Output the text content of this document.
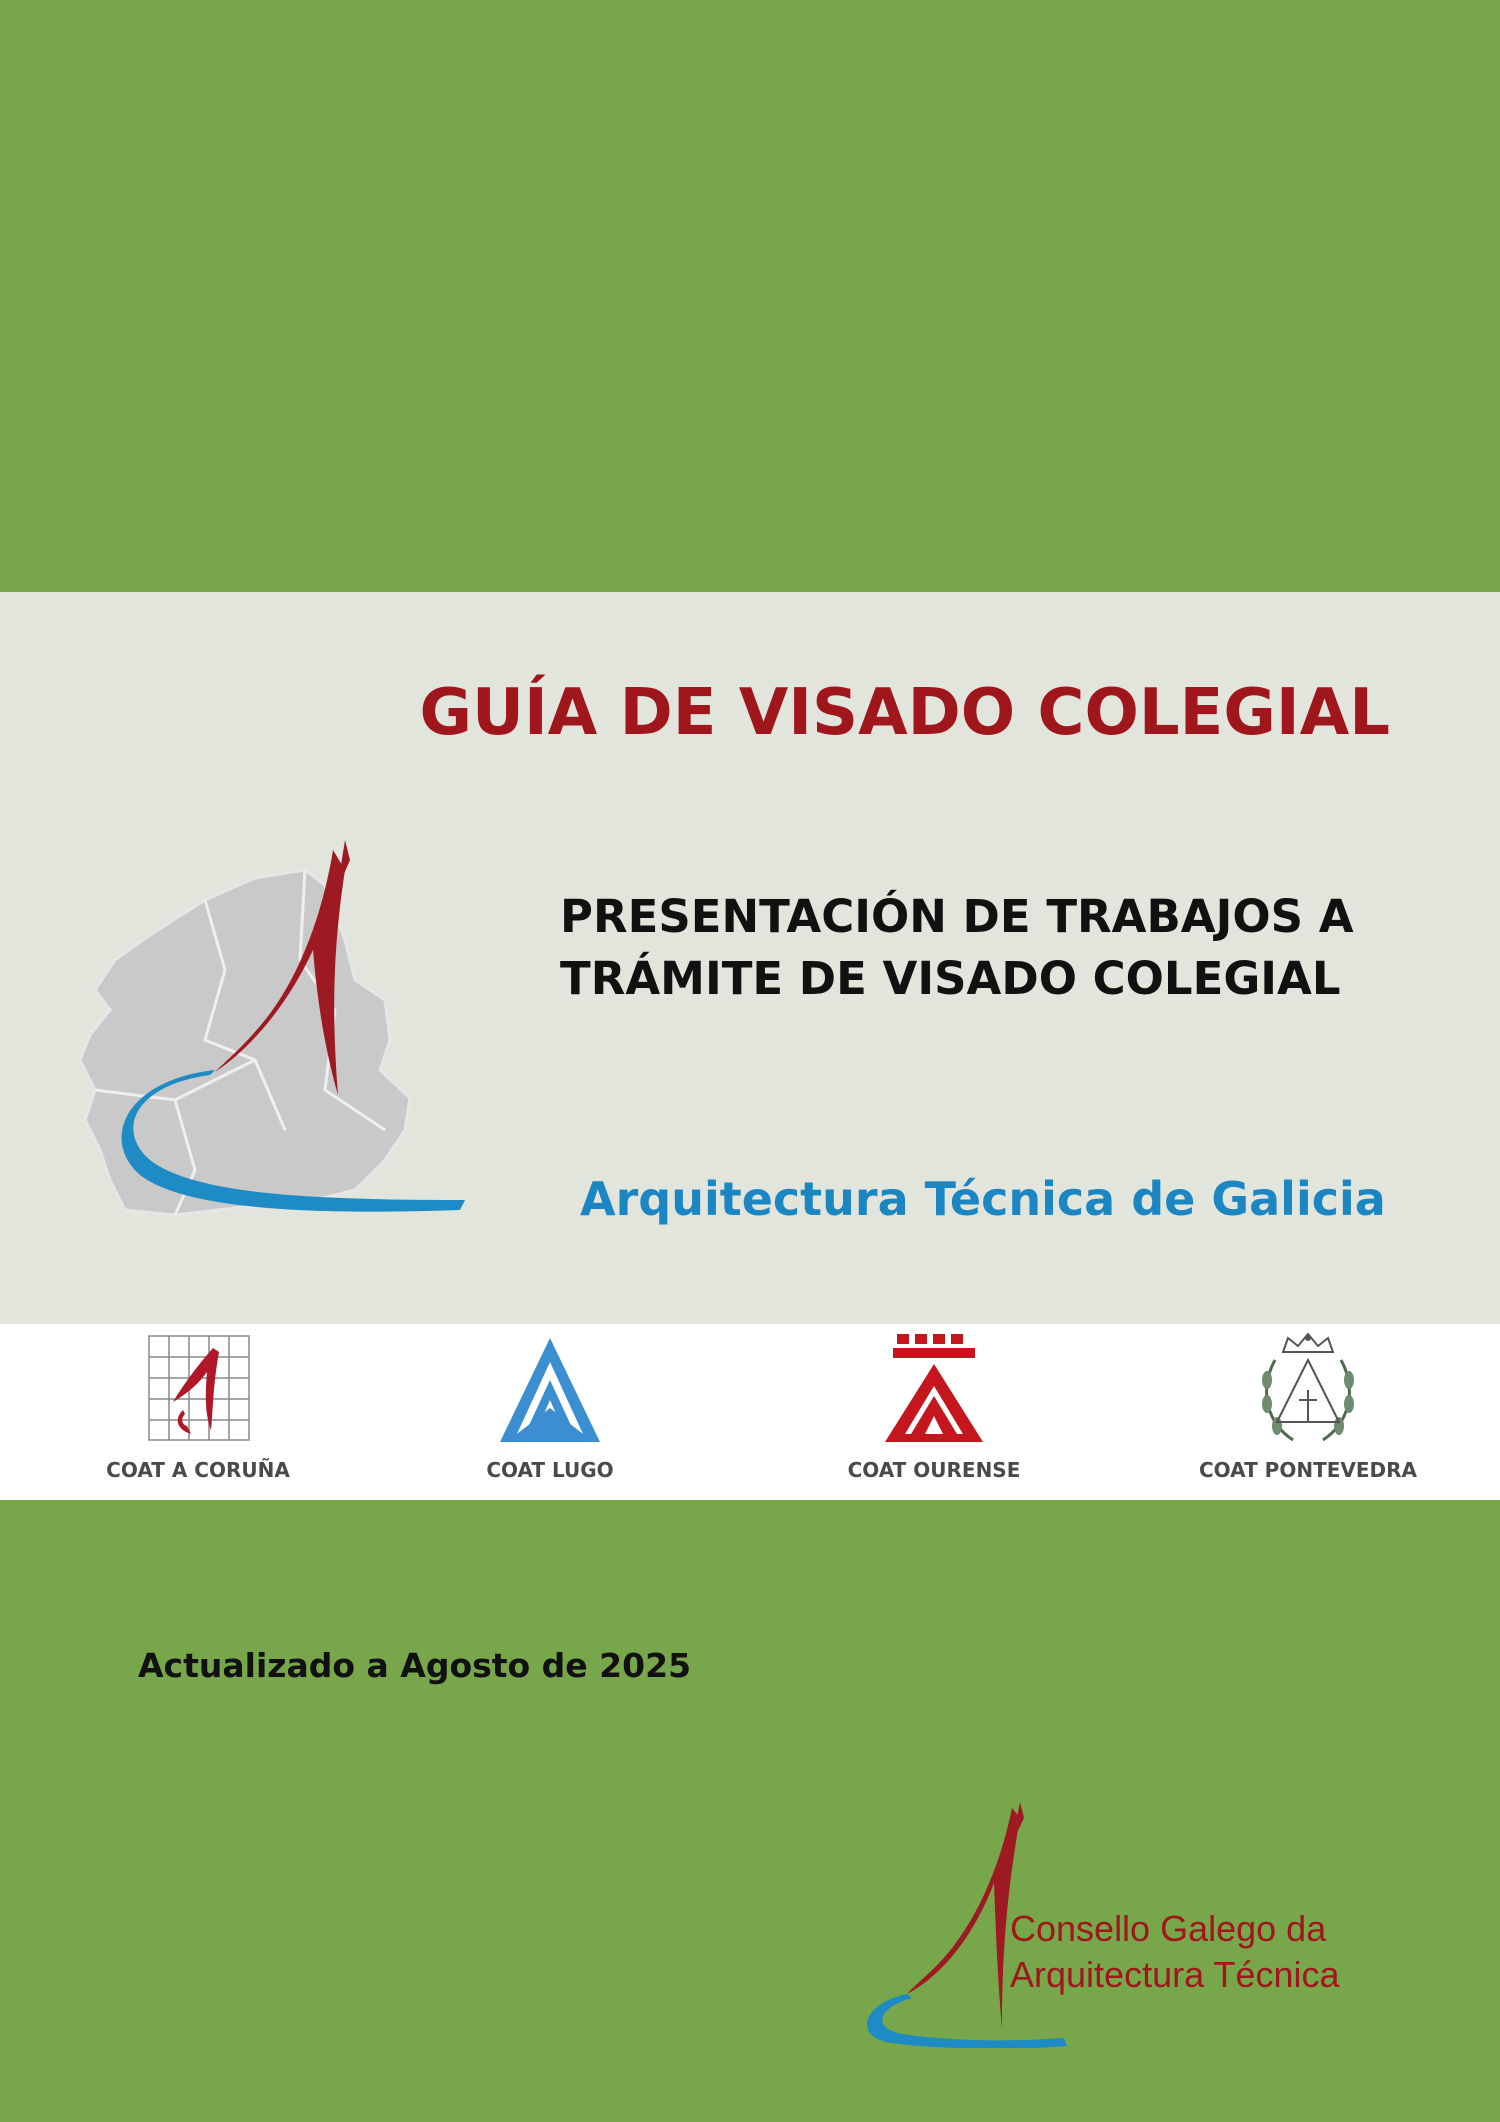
GUÍA DE VISADO COLEGIAL
PRESENTACIÓN DE TRABAJOS A
TRÁMITE DE VISADO COLEGIAL
Arquitectura Técnica de Galicia
COAT A CORUÑA	COAT LUGO	COAT OURENSE	COAT PONTEVEDRA
Actualizado a Agosto de 2025
Consello Galego da
Arquitectura Técnica
